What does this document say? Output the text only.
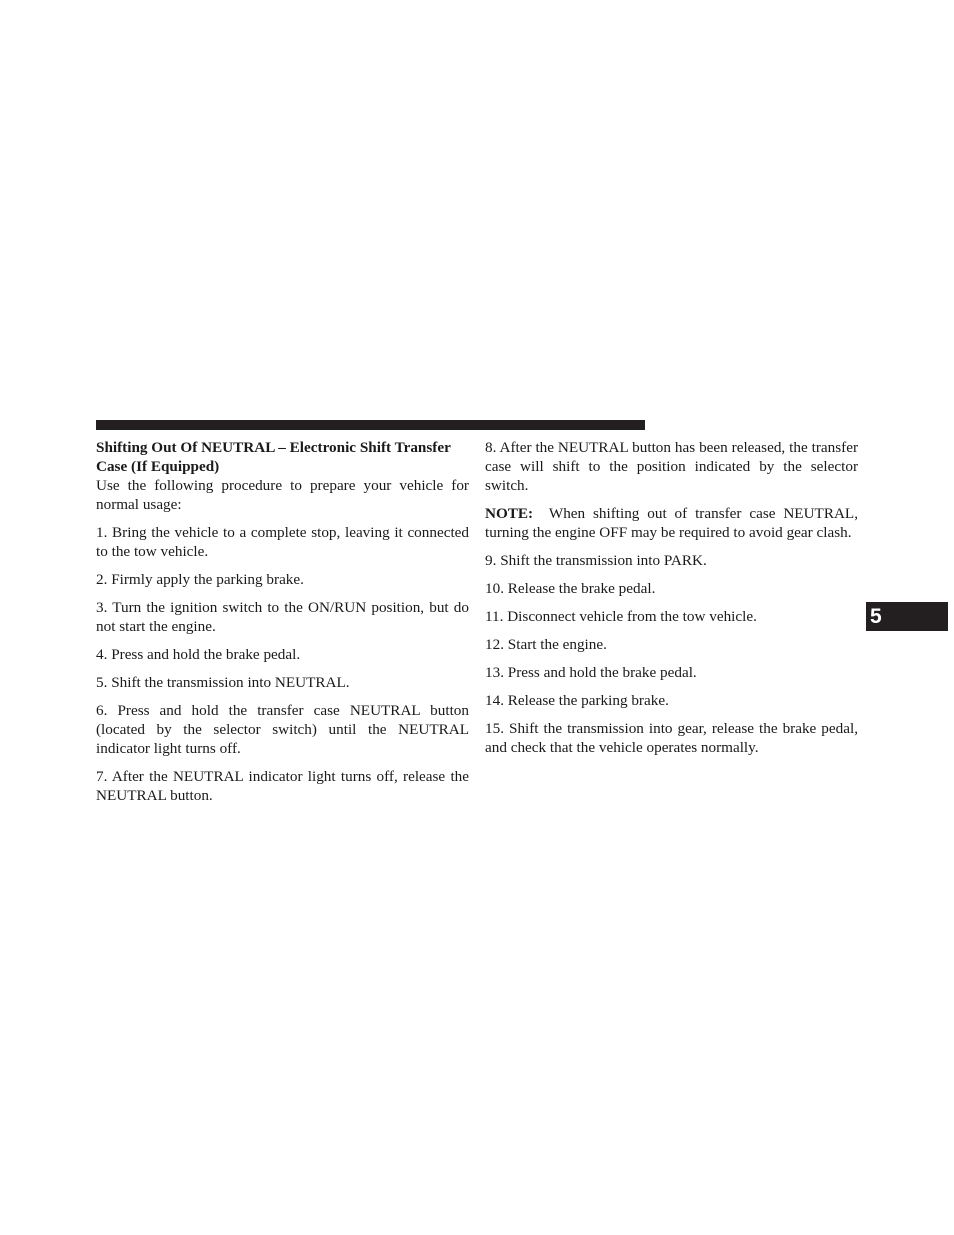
Shifting Out Of NEUTRAL – Electronic Shift Transfer Case (If Equipped)

Use the following procedure to prepare your vehicle for normal usage:

1. Bring the vehicle to a complete stop, leaving it connected to the tow vehicle.

2. Firmly apply the parking brake.

3. Turn the ignition switch to the ON/RUN position, but do not start the engine.

4. Press and hold the brake pedal.

5. Shift the transmission into NEUTRAL.

6. Press and hold the transfer case NEUTRAL button (located by the selector switch) until the NEUTRAL indicator light turns off.

7. After the NEUTRAL indicator light turns off, release the NEUTRAL button.

8. After the NEUTRAL button has been released, the transfer case will shift to the position indicated by the selector switch.

NOTE: When shifting out of transfer case NEUTRAL, turning the engine OFF may be required to avoid gear clash.

9. Shift the transmission into PARK.

10. Release the brake pedal.

11. Disconnect vehicle from the tow vehicle.

12. Start the engine.

13. Press and hold the brake pedal.

14. Release the parking brake.

15. Shift the transmission into gear, release the brake pedal, and check that the vehicle operates normally.

5
